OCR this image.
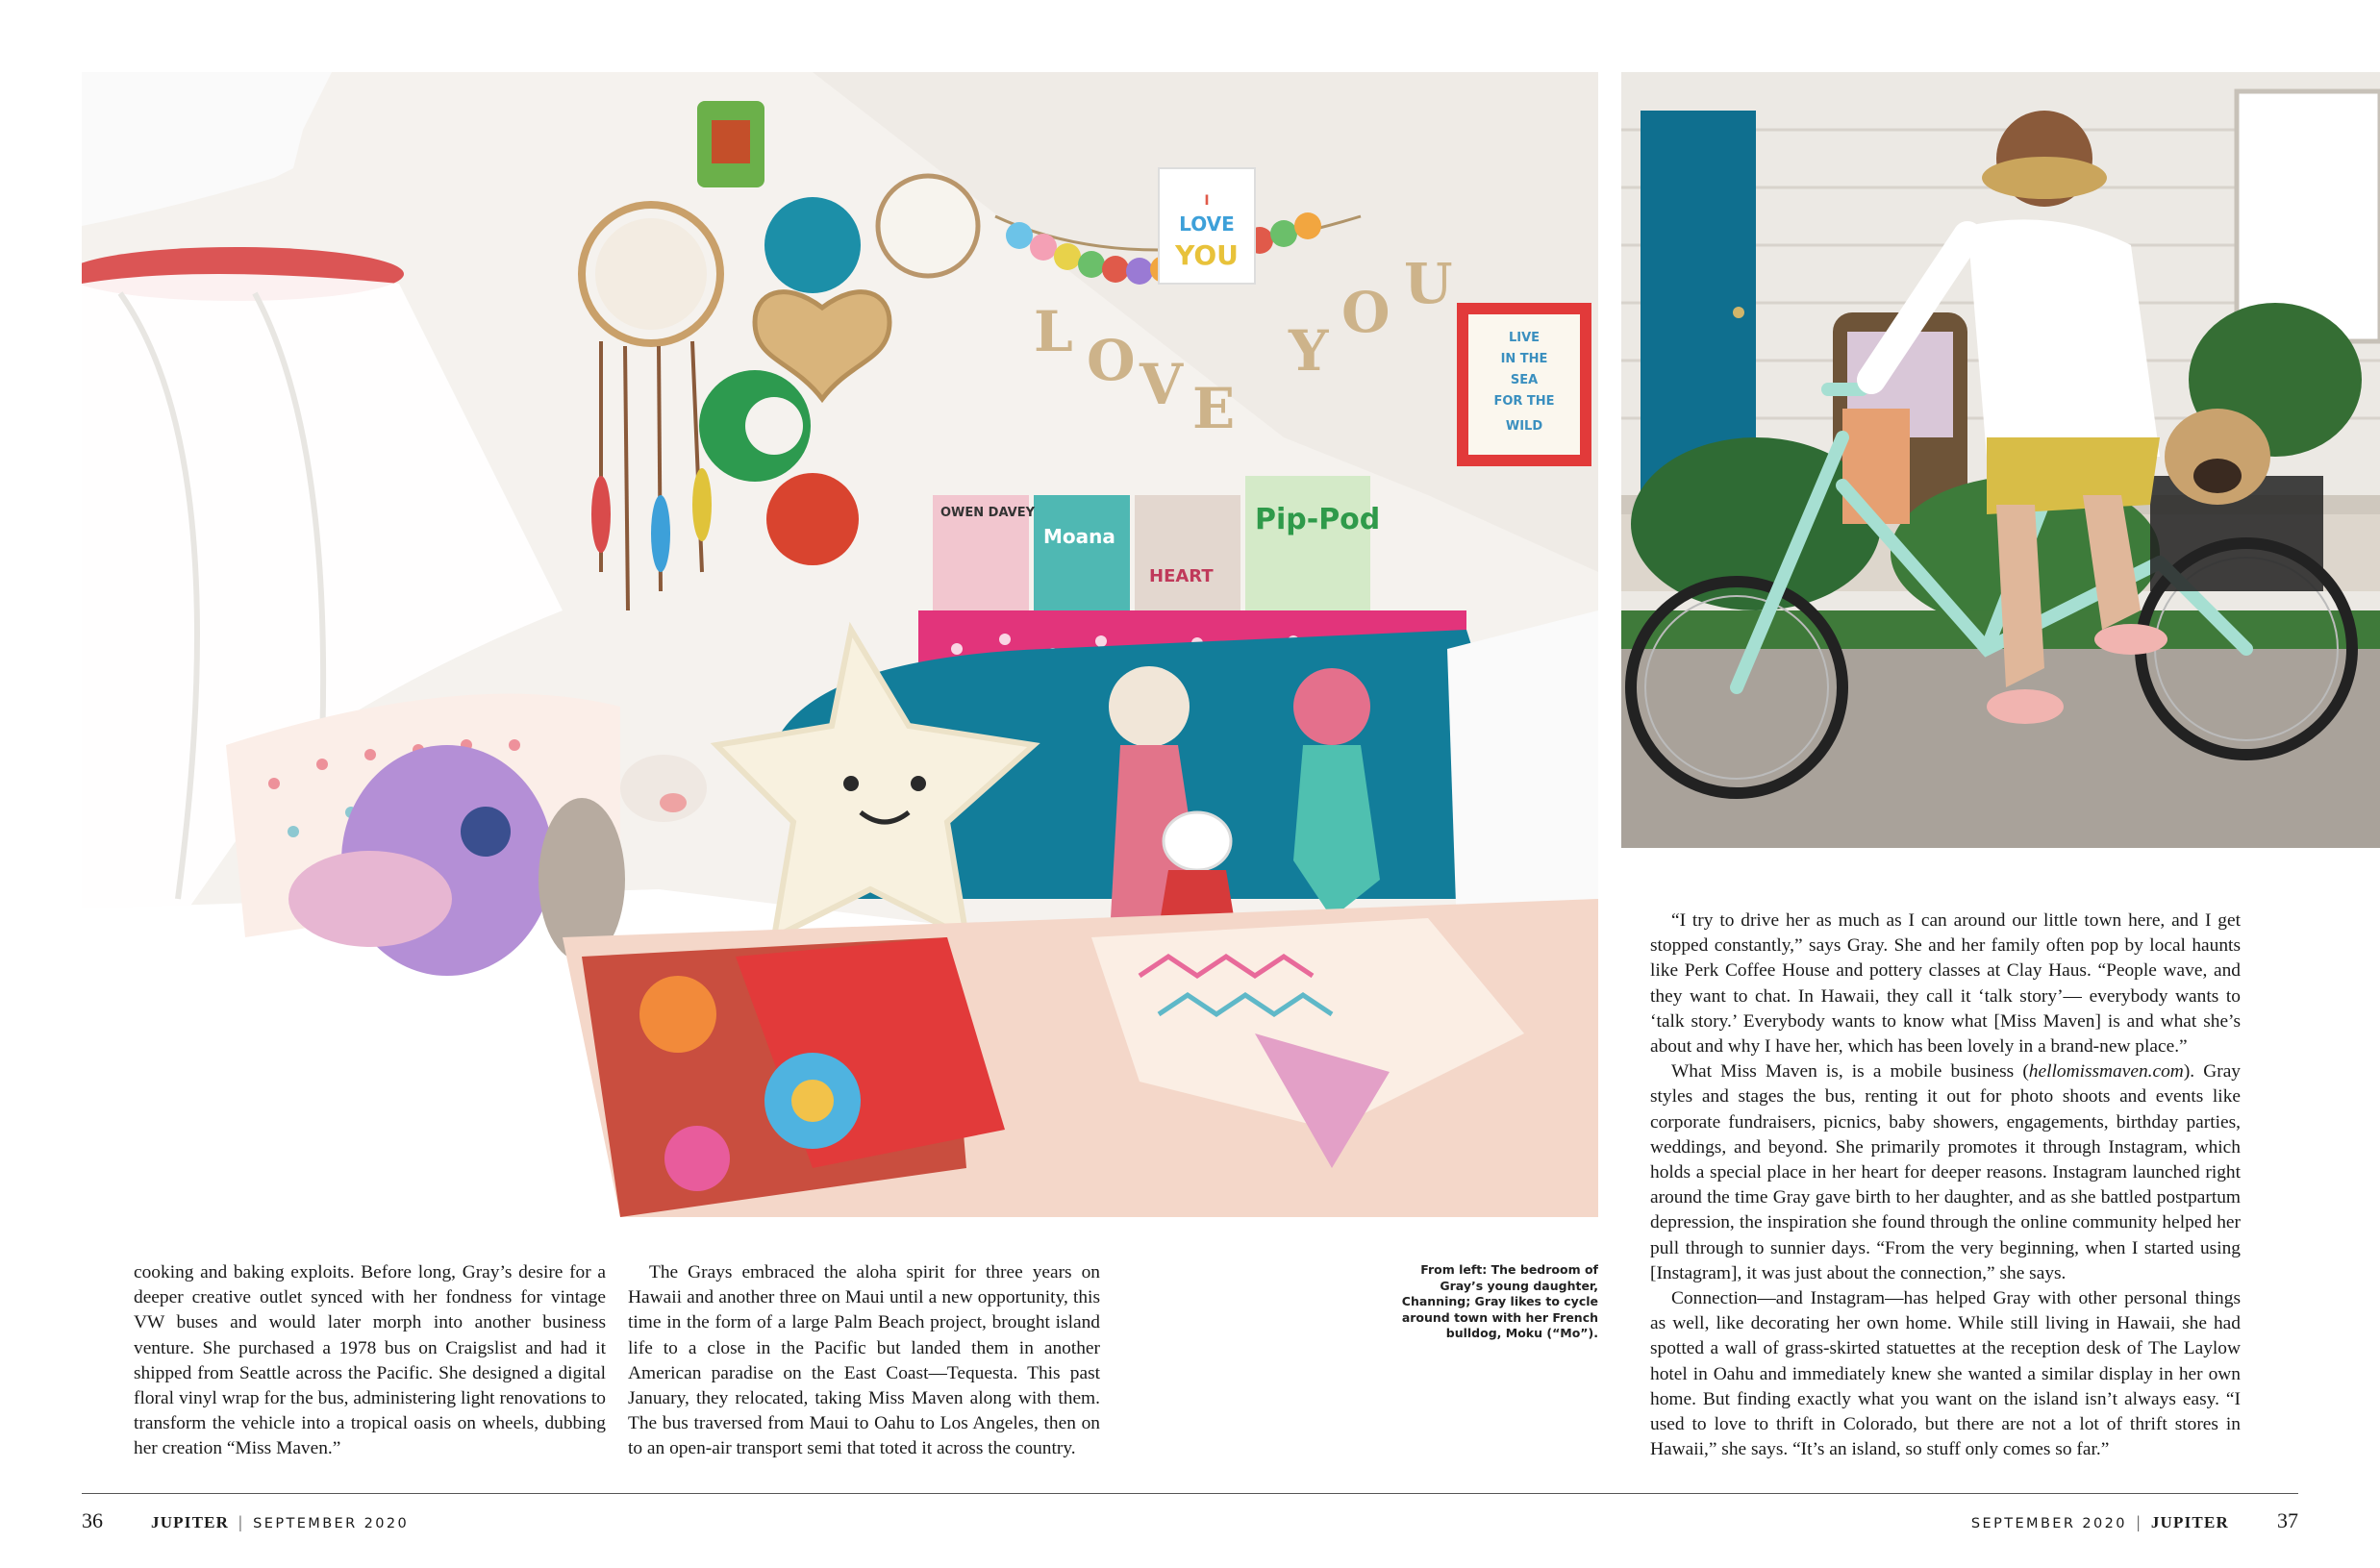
I
LOVE
YOU
L O V E
Y
O U
LIVE
IN THE
SEA
FOR THE
WILD
OWEN DAVEY
Moana
HEART
Pip-Pod

cooking and baking exploits. Before long, Gray’s desire for a deeper creative outlet synced with her fondness for vintage VW buses and would later morph into another business venture. She purchased a 1978 bus on Craigslist and had it shipped from Seattle across the Pacific. She designed a digital floral vinyl wrap for the bus, administering light renovations to transform the vehicle into a tropical oasis on wheels, dubbing her creation “Miss Maven.”

The Grays embraced the aloha spirit for three years on Hawaii and another three on Maui until a new opportunity, this time in the form of a large Palm Beach project, brought island life to a close in the Pacific but landed them in another American paradise on the East Coast—Tequesta. This past January, they relocated, taking Miss Maven along with them. The bus traversed from Maui to Oahu to Los Angeles, then on to an open-air transport semi that toted it across the country.

From left: The bedroom of Gray’s young daughter, Channing; Gray likes to cycle around town with her French bulldog, Moku (“Mo”).

“I try to drive her as much as I can around our little town here, and I get stopped constantly,” says Gray. She and her family often pop by local haunts like Perk Coffee House and pottery classes at Clay Haus. “People wave, and they want to chat. In Hawaii, they call it ‘talk story’— everybody wants to ‘talk story.’ Everybody wants to know what [Miss Maven] is and what she’s about and why I have her, which has been lovely in a brand-new place.”

What Miss Maven is, is a mobile business (hellomissmaven.com). Gray styles and stages the bus, renting it out for photo shoots and events like corporate fundraisers, picnics, baby showers, engagements, birthday parties, weddings, and beyond. She primarily promotes it through Instagram, which holds a special place in her heart for deeper reasons. Instagram launched right around the time Gray gave birth to her daughter, and as she battled postpartum depression, the inspiration she found through the online community helped her pull through to sunnier days. “From the very beginning, when I started using [Instagram], it was just about the connection,” she says.

Connection—and Instagram—has helped Gray with other personal things as well, like decorating her own home. While still living in Hawaii, she had spotted a wall of grass-skirted statuettes at the reception desk of The Laylow hotel in Oahu and immediately knew she wanted a similar display in her own home. But finding exactly what you want on the island isn’t always easy. “I used to love to thrift in Colorado, but there are not a lot of thrift stores in Hawaii,” she says. “It’s an island, so stuff only comes so far.”

36	JUPITER | SEPTEMBER 2020	SEPTEMBER 2020 | JUPITER 37
